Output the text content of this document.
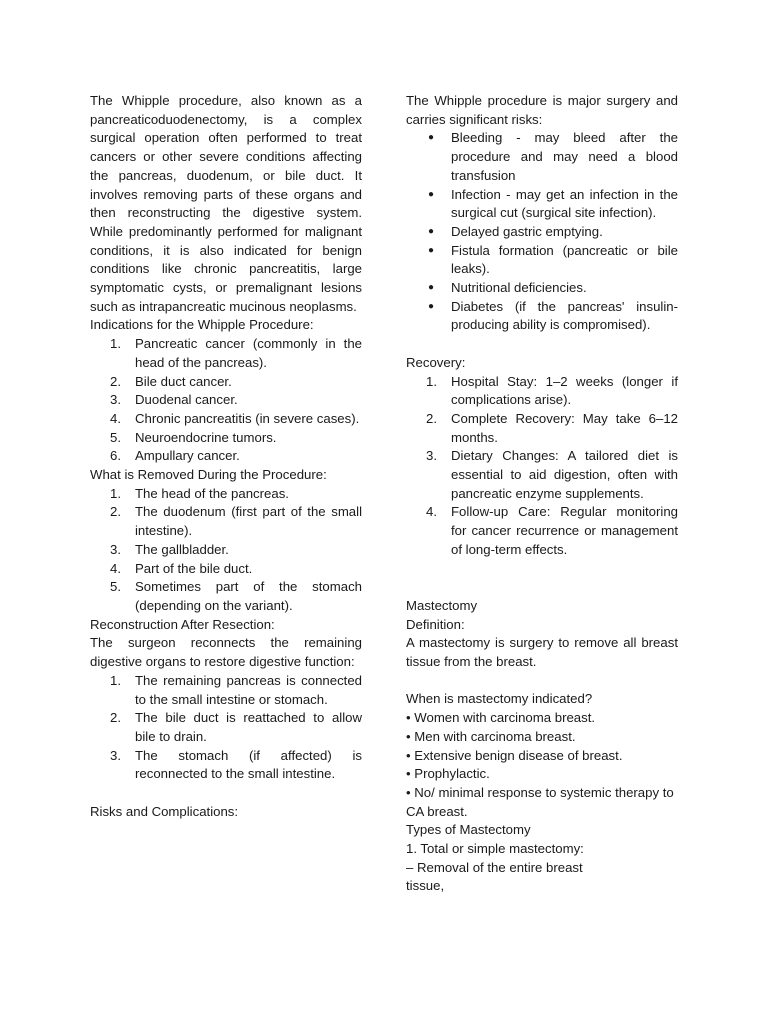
The Whipple procedure, also known as a pancreaticoduodenectomy, is a complex surgical operation often performed to treat cancers or other severe conditions affecting the pancreas, duodenum, or bile duct. It involves removing parts of these organs and then reconstructing the digestive system. While predominantly performed for malignant conditions, it is also indicated for benign conditions like chronic pancreatitis, large symptomatic cysts, or premalignant lesions such as intrapancreatic mucinous neoplasms.

Indications for the Whipple Procedure:

1. Pancreatic cancer (commonly in the head of the pancreas).
2. Bile duct cancer.
3. Duodenal cancer.
4. Chronic pancreatitis (in severe cases).
5. Neuroendocrine tumors.
6. Ampullary cancer.

What is Removed During the Procedure:

1. The head of the pancreas.
2. The duodenum (first part of the small intestine).
3. The gallbladder.
4. Part of the bile duct.
5. Sometimes part of the stomach (depending on the variant).

Reconstruction After Resection:

The surgeon reconnects the remaining digestive organs to restore digestive function:

1. The remaining pancreas is connected to the small intestine or stomach.
2. The bile duct is reattached to allow bile to drain.
3. The stomach (if affected) is reconnected to the small intestine.

Risks and Complications:

The Whipple procedure is major surgery and carries significant risks:

● Bleeding - may bleed after the procedure and may need a blood transfusion
● Infection - may get an infection in the surgical cut (surgical site infection).
● Delayed gastric emptying.
● Fistula formation (pancreatic or bile leaks).
● Nutritional deficiencies.
● Diabetes (if the pancreas' insulin-producing ability is compromised).

Recovery:

1. Hospital Stay: 1–2 weeks (longer if complications arise).
2. Complete Recovery: May take 6–12 months.
3. Dietary Changes: A tailored diet is essential to aid digestion, often with pancreatic enzyme supplements.
4. Follow-up Care: Regular monitoring for cancer recurrence or management of long-term effects.

Mastectomy

Definition:

A mastectomy is surgery to remove all breast tissue from the breast.

When is mastectomy indicated?

• Women with carcinoma breast.

• Men with carcinoma breast.

• Extensive benign disease of breast.

• Prophylactic.

• No/ minimal response to systemic therapy to CA breast.

Types of Mastectomy

1. Total or simple mastectomy:

– Removal of the entire breast

tissue,
